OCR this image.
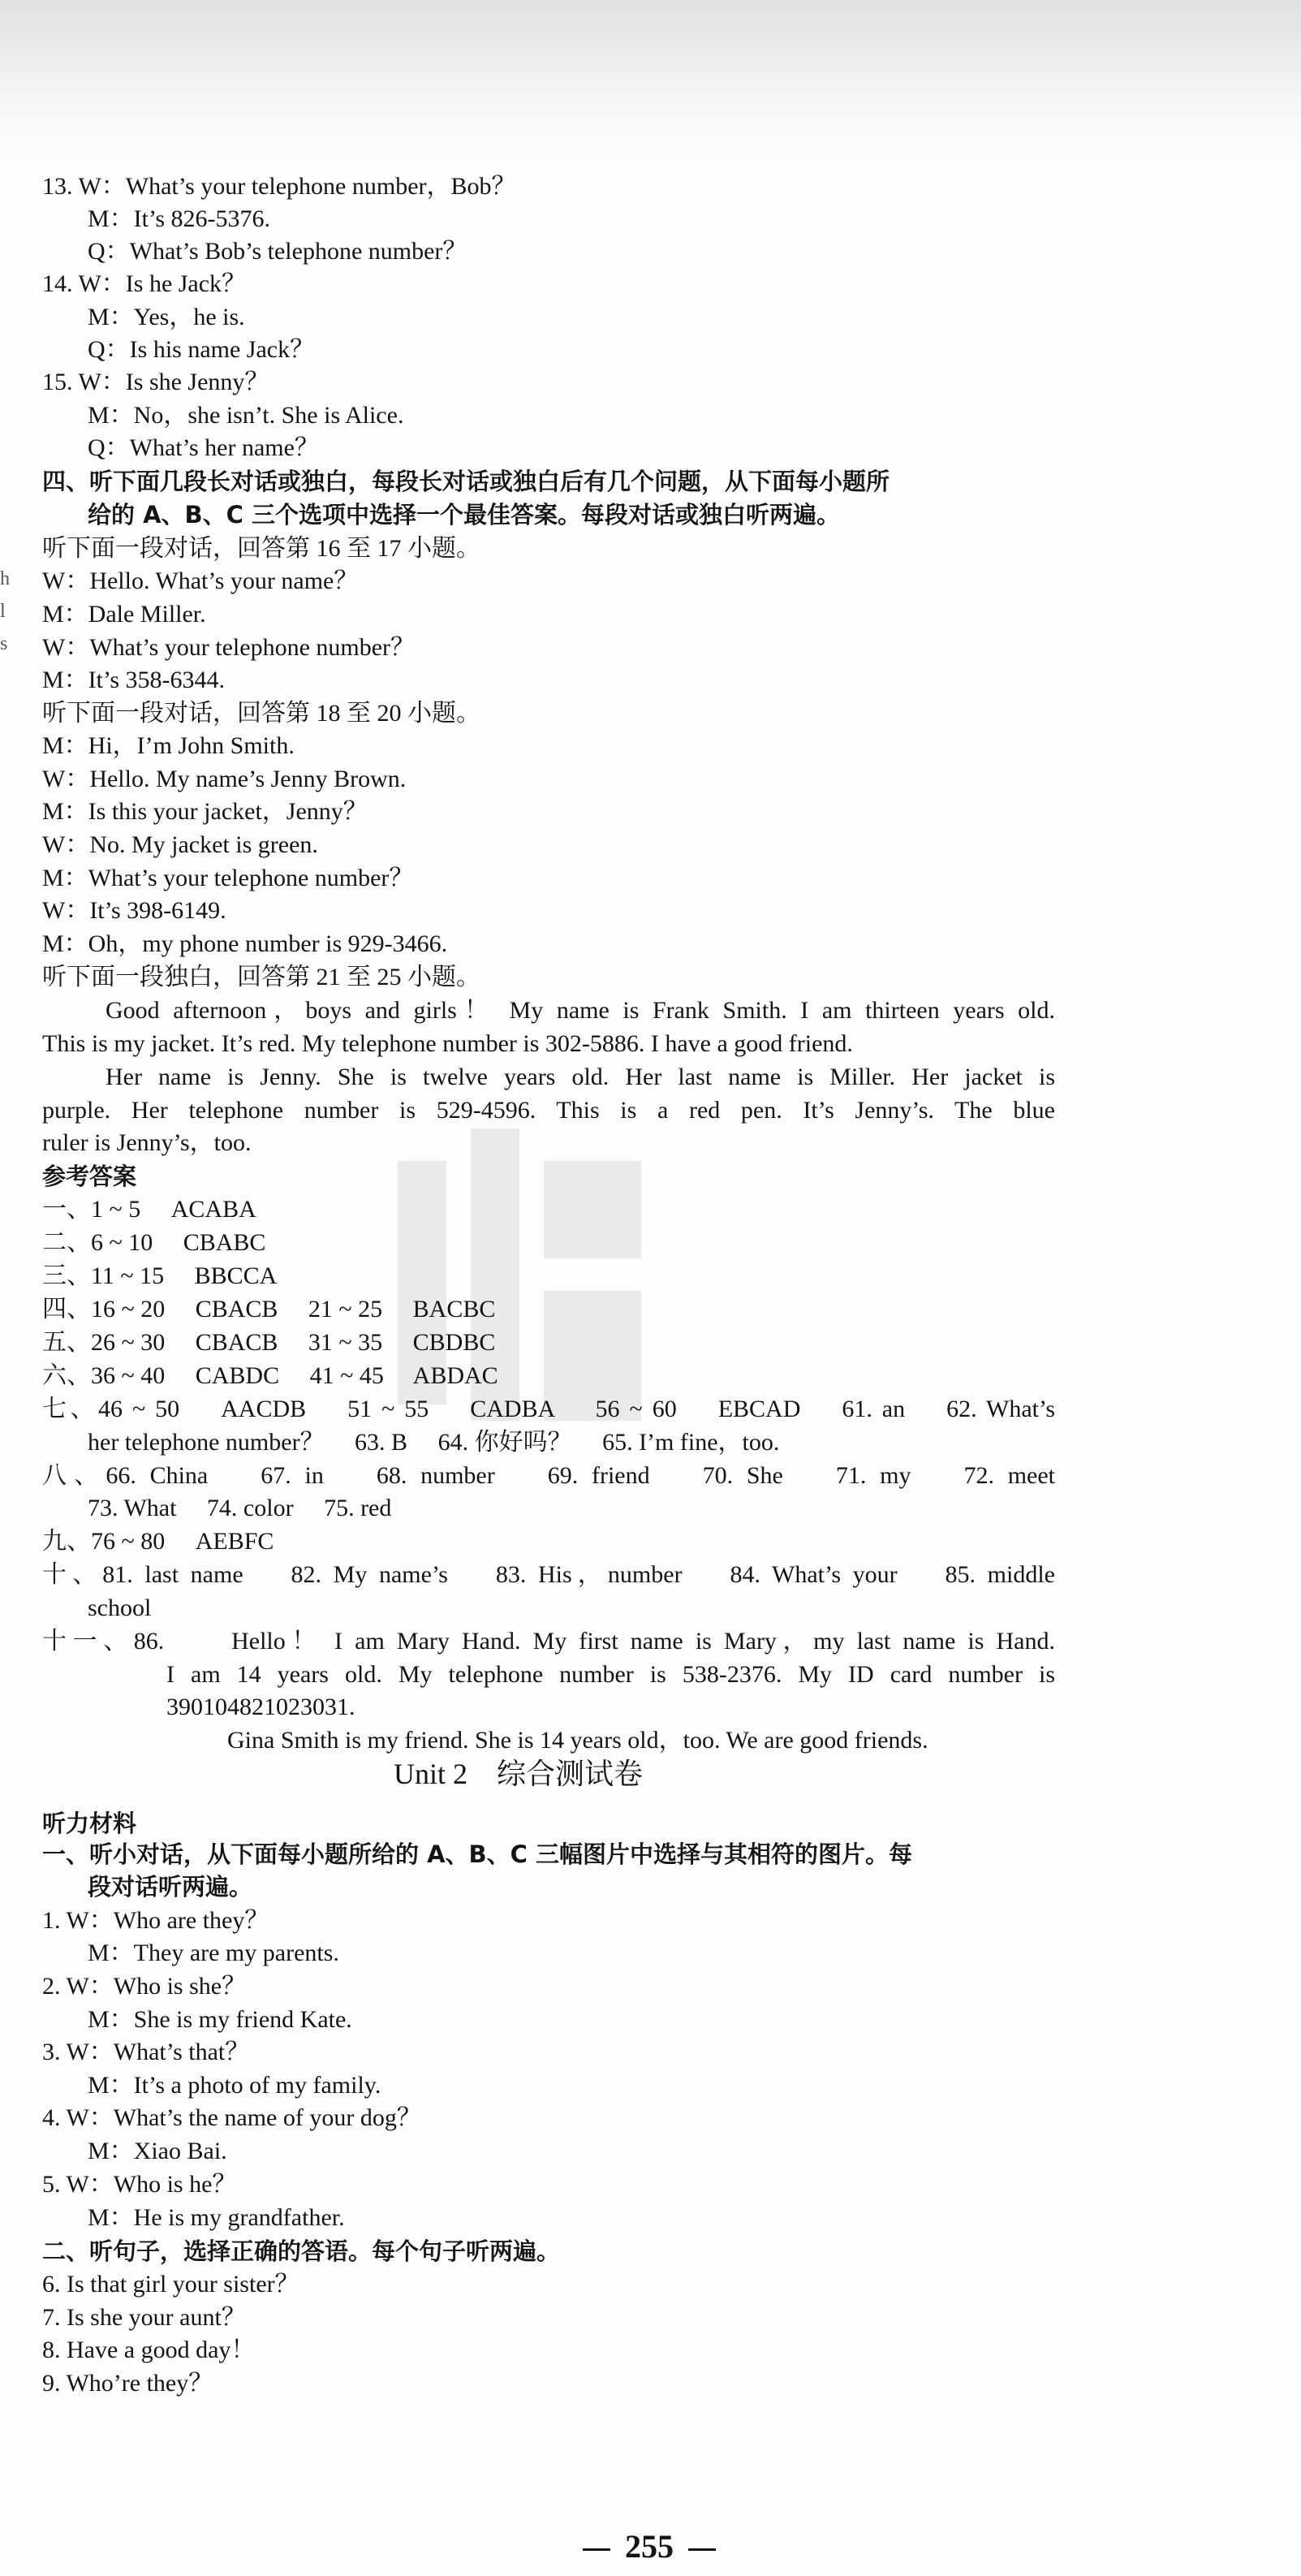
h
l
s
13. W：What’s your telephone number，Bob？
M：It’s 826-5376.
Q：What’s Bob’s telephone number？
14. W：Is he Jack？
M：Yes，he is.
Q：Is his name Jack？
15. W：Is she Jenny？
M：No，she isn’t. She is Alice.
Q：What’s her name？
四、听下面几段长对话或独白，每段长对话或独白后有几个问题，从下面每小题所
给的 A、B、C 三个选项中选择一个最佳答案。每段对话或独白听两遍。
听下面一段对话，回答第 16 至 17 小题。
W：Hello. What’s your name？
M：Dale Miller.
W：What’s your telephone number？
M：It’s 358-6344.
听下面一段对话，回答第 18 至 20 小题。
M：Hi，I’m John Smith.
W：Hello. My name’s Jenny Brown.
M：Is this your jacket，Jenny？
W：No. My jacket is green.
M：What’s your telephone number？
W：It’s 398-6149.
M：Oh，my phone number is 929-3466.
听下面一段独白，回答第 21 至 25 小题。
Good afternoon，boys and girls！ My name is Frank Smith. I am thirteen years old.
This is my jacket. It’s red. My telephone number is 302-5886. I have a good friend.
Her name is Jenny. She is twelve years old. Her last name is Miller. Her jacket is
purple. Her telephone number is 529-4596. This is a red pen. It’s Jenny’s. The blue
ruler is Jenny’s，too.
参考答案
一、1 ~ 5　 ACABA
二、6 ~ 10　 CBABC
三、11 ~ 15　 BBCCA
四、16 ~ 20　 CBACB　 21 ~ 25　 BACBC
五、26 ~ 30　 CBACB　 31 ~ 35　 CBDBC
六、36 ~ 40　 CABDC　 41 ~ 45　 ABDAC
七、46 ~ 50　 AACDB　 51 ~ 55　 CADBA　 56 ~ 60　 EBCAD　 61. an　 62. What’s
her telephone number？　 63. B　 64. 你好吗？　 65. I’m fine，too.
八、66. China　 67. in　 68. number　 69. friend　 70. She　 71. my　 72. meet
73. What　 74. color　 75. red
九、76 ~ 80　 AEBFC
十、81. last name　 82. My name’s　 83. His，number　 84. What’s your　 85. middle
school
十一、86.　　Hello！ I am Mary Hand. My first name is Mary，my last name is Hand.
I am 14 years old. My telephone number is 538-2376. My ID card number is
390104821023031.
Gina Smith is my friend. She is 14 years old，too. We are good friends.
Unit 2　综合测试卷
听力材料
一、听小对话，从下面每小题所给的 A、B、C 三幅图片中选择与其相符的图片。每
段对话听两遍。
1. W：Who are they？
M：They are my parents.
2. W：Who is she？
M：She is my friend Kate.
3. W：What’s that？
M：It’s a photo of my family.
4. W：What’s the name of your dog？
M：Xiao Bai.
5. W：Who is he？
M：He is my grandfather.
二、听句子，选择正确的答语。每个句子听两遍。
6. Is that girl your sister？
7. Is she your aunt？
8. Have a good day！
9. Who’re they？
255
